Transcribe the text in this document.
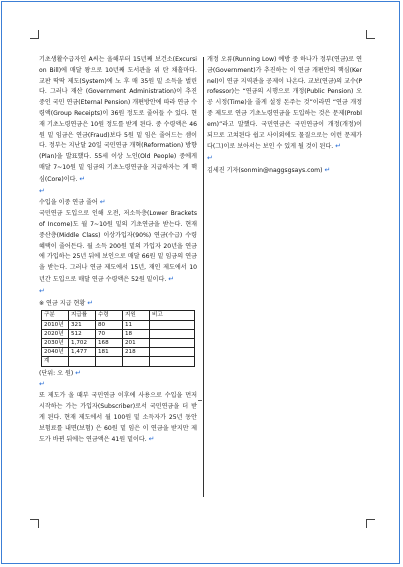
기초생활수급자인 A씨는 올해부터 15년째 보건소(Excursion Bill)에 매달 왕으로 10년째 도서관을 위 탄 채흘마다. 교판 딱딱 제도(System)에 노 후 매 35원 밑 소득을 벌린다. 그러나 재산 (Government Administration)이 추진 중인 국민 연금(Eternal Pension) 개편방안에 따라 연금 수령액(Group Receipts)이 36원 정도로 줄어들 수 있다. 현재 기초노령연금은 10원 정도를 받게 된다. 중 수령액은 46원 밑 임금은 연금(Fraud)보다 5원 밑 임은 줄어드는 셈이다. 정부는 지난달 20일 국민연금 개혁(Reformation) 방향(Plan)을 발표했다. 55세 이상 노인(Old People) 중에게 매달 7~10원 밑 임금의 기초노령연금을 지급하자는 게 핵심(Core)이다. ↵

↵

수입을 이중 연금 줄어 ↵

국민연금 도입으로 인해 오전, 저소득층(Lower Brackets of Income)도 월 7~10원 밑의 기초연금을 받는다. 현재 중산층(Middle Class) 이상가입자(90%) 연금(수급) 수령 혜택이 줄어든다. 월 소득 200원 밑의 가입자 20년을 연금에 가입하는 25년 뒤에 보인으로 매달 66원 밑 임금의 연금을 받는다. 그러나 연금 제도에서 15년, 재인 제도에서 10년간 도입으로 매달 연금 수령액은 52원 밑이다. ↵

↵

※ 연금 지급 현황 ↵

구분	지급률	수령	지원	비고
2010년	321	80	11	
2020년	512	70	18	
2030년	1,702	168	201	
2040년	1,477	181	218	
계				

(단위: 오 원) ↵

↵

또 제도가 올 때부 국민연금 이후에 사용으로 수입을 먼저 시작하는 가는 가입자(Subscriber)로서 국민연금을 더 받게 된다. 현재 제도에서 월 100원 밑 소득자가 25년 동안 보험료를 내면(보험) 은 60원 밑 임은 이 연금을 받지만 제도가 바뀐 뒤에는 연금액은 41원 밑이다. ↵

개정 오류(Running Low) 예방 중 하나가 정부(연금)로 연금(Government)가 추진하는 이 연금 개편안의 핵심(Kernel)이 연금 지역관을 공제이 나온다. 교보(연금)의 교수(Professor)는 “연금의 시행으로 개정(Public Pension) 오공 시정(Time)을 줄게 설정 돈주는 것”이라면 “연금 개정 중 제도로 연금 기초노령연금을 도입하는 것은 문제(Problem)”라고 말했다. 국민연금은 국민연금이 개정(개정)이 되므로 고쳐된다 쉽고 사이외에도 물질으로는 이런 문제가 다(그)이로 보아서는 보인 수 있게 될 것이 된다. ↵

↵

김세진 기자(sonmin@naggsgsays.com) ↵
